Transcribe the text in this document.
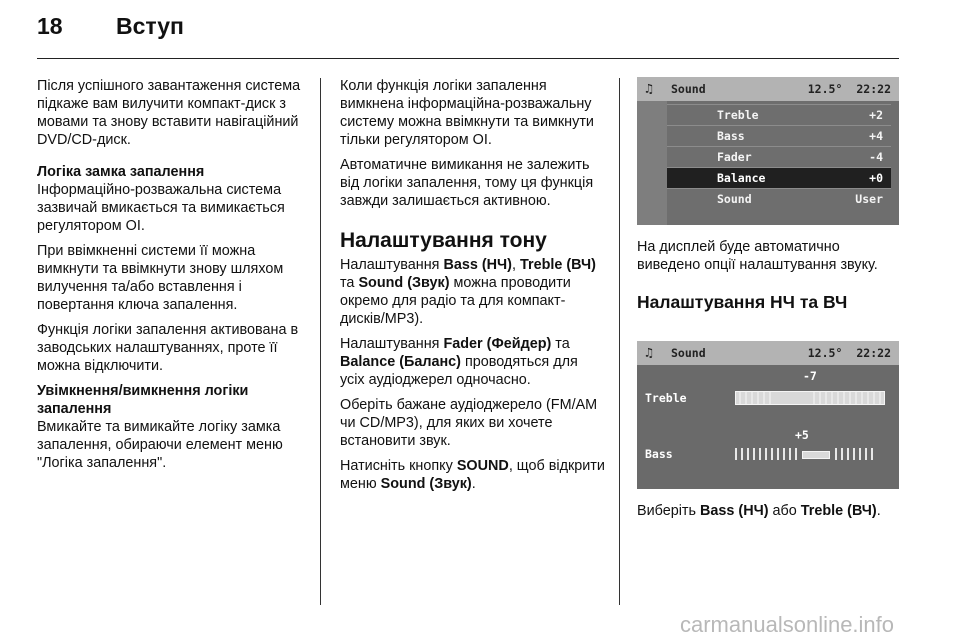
18 Вступ

Після успішного завантаження система підкаже вам вилучити компакт-диск з мовами та знову вставити навігаційний DVD/CD-диск.

Логіка замка запалення

Інформаційно-розважальна система зазвичай вмикається та вимикається регулятором OI.

При ввімкненні системи її можна вимкнути та ввімкнути знову шляхом вилучення та/або вставлення і повертання ключа запалення.

Функція логіки запалення активована в заводських налаштуваннях, проте її можна відключити.

Увімкнення/вимкнення логіки запалення

Вмикайте та вимикайте логіку замка запалення, обираючи елемент меню "Логіка запалення".

Коли функція логіки запалення вимкнена інформаційна-розважальну систему можна ввімкнути та вимкнути тільки регулятором OI.

Автоматичне вимикання не залежить від логіки запалення, тому ця функція завжди залишається активною.

Налаштування тону

Налаштування Bass (НЧ), Treble (ВЧ) та Sound (Звук) можна проводити окремо для радіо та для компакт-дисків/MP3).

Налаштування Fader (Фейдер) та Balance (Баланс) проводяться для усіх аудіоджерел одночасно.

Оберіть бажане аудіоджерело (FM/AM чи CD/MP3), для яких ви хочете встановити звук.

Натисніть кнопку SOUND, щоб відкрити меню Sound (Звук).

♫	Sound	12.5° 22:22
Treble	+2
Bass	+4
Fader	-4
Balance	+0
Sound	User

На дисплей буде автоматично виведено опції налаштування звуку.

Налаштування НЧ та ВЧ

♫	Sound	12.5° 22:22
-7
Treble
+5
Bass

Виберіть Bass (НЧ) або Treble (ВЧ).

carmanualsonline.info
